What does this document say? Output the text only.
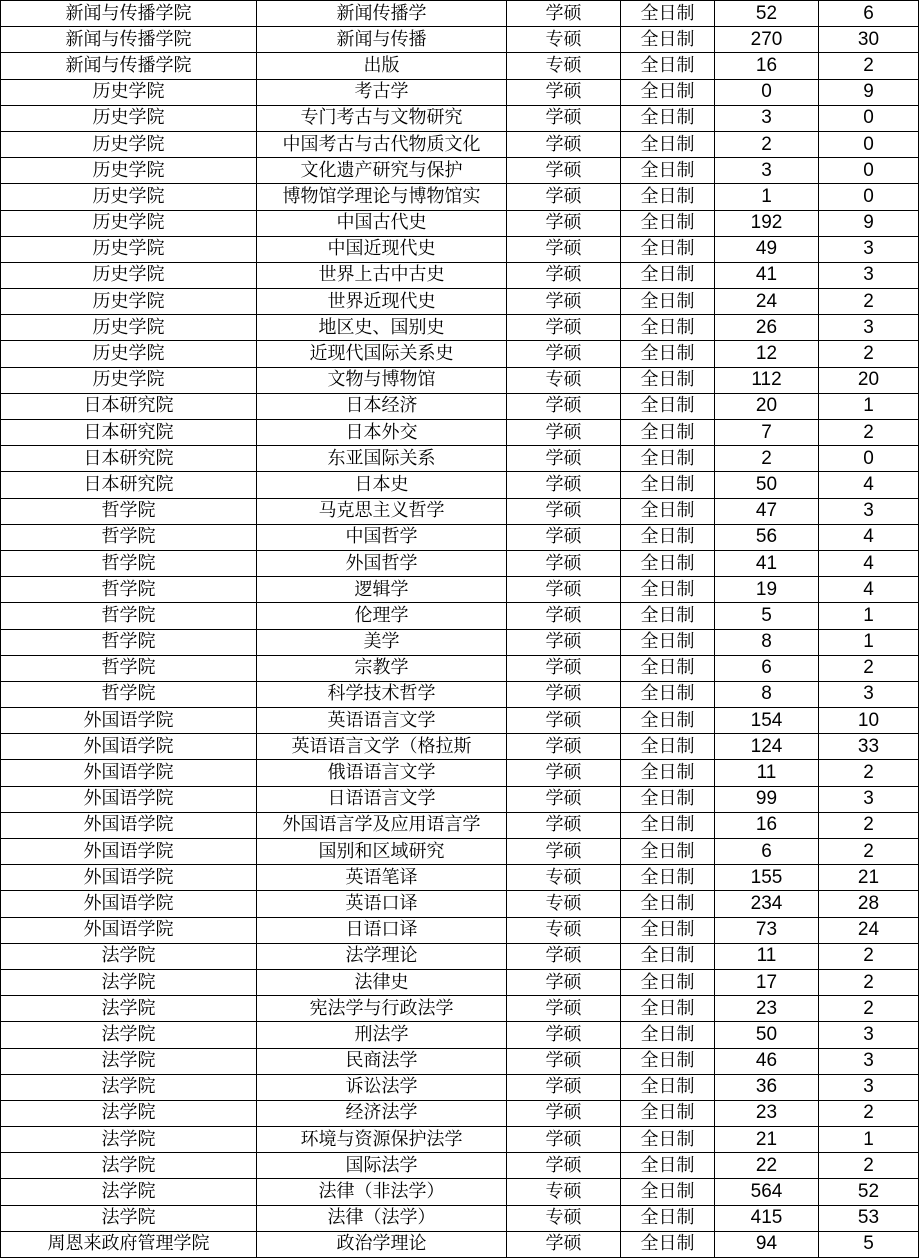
新闻与传播学院	新闻传播学	学硕	全日制	52	6
新闻与传播学院	新闻与传播	专硕	全日制	270	30
新闻与传播学院	出版	专硕	全日制	16	2
历史学院	考古学	学硕	全日制	0	9
历史学院	专门考古与文物研究	学硕	全日制	3	0
历史学院	中国考古与古代物质文化	学硕	全日制	2	0
历史学院	文化遗产研究与保护	学硕	全日制	3	0
历史学院	博物馆学理论与博物馆实	学硕	全日制	1	0
历史学院	中国古代史	学硕	全日制	192	9
历史学院	中国近现代史	学硕	全日制	49	3
历史学院	世界上古中古史	学硕	全日制	41	3
历史学院	世界近现代史	学硕	全日制	24	2
历史学院	地区史、国别史	学硕	全日制	26	3
历史学院	近现代国际关系史	学硕	全日制	12	2
历史学院	文物与博物馆	专硕	全日制	112	20
日本研究院	日本经济	学硕	全日制	20	1
日本研究院	日本外交	学硕	全日制	7	2
日本研究院	东亚国际关系	学硕	全日制	2	0
日本研究院	日本史	学硕	全日制	50	4
哲学院	马克思主义哲学	学硕	全日制	47	3
哲学院	中国哲学	学硕	全日制	56	4
哲学院	外国哲学	学硕	全日制	41	4
哲学院	逻辑学	学硕	全日制	19	4
哲学院	伦理学	学硕	全日制	5	1
哲学院	美学	学硕	全日制	8	1
哲学院	宗教学	学硕	全日制	6	2
哲学院	科学技术哲学	学硕	全日制	8	3
外国语学院	英语语言文学	学硕	全日制	154	10
外国语学院	英语语言文学（格拉斯	学硕	全日制	124	33
外国语学院	俄语语言文学	学硕	全日制	11	2
外国语学院	日语语言文学	学硕	全日制	99	3
外国语学院	外国语言学及应用语言学	学硕	全日制	16	2
外国语学院	国别和区域研究	学硕	全日制	6	2
外国语学院	英语笔译	专硕	全日制	155	21
外国语学院	英语口译	专硕	全日制	234	28
外国语学院	日语口译	专硕	全日制	73	24
法学院	法学理论	学硕	全日制	11	2
法学院	法律史	学硕	全日制	17	2
法学院	宪法学与行政法学	学硕	全日制	23	2
法学院	刑法学	学硕	全日制	50	3
法学院	民商法学	学硕	全日制	46	3
法学院	诉讼法学	学硕	全日制	36	3
法学院	经济法学	学硕	全日制	23	2
法学院	环境与资源保护法学	学硕	全日制	21	1
法学院	国际法学	学硕	全日制	22	2
法学院	法律（非法学）	专硕	全日制	564	52
法学院	法律（法学）	专硕	全日制	415	53
周恩来政府管理学院	政治学理论	学硕	全日制	94	5
